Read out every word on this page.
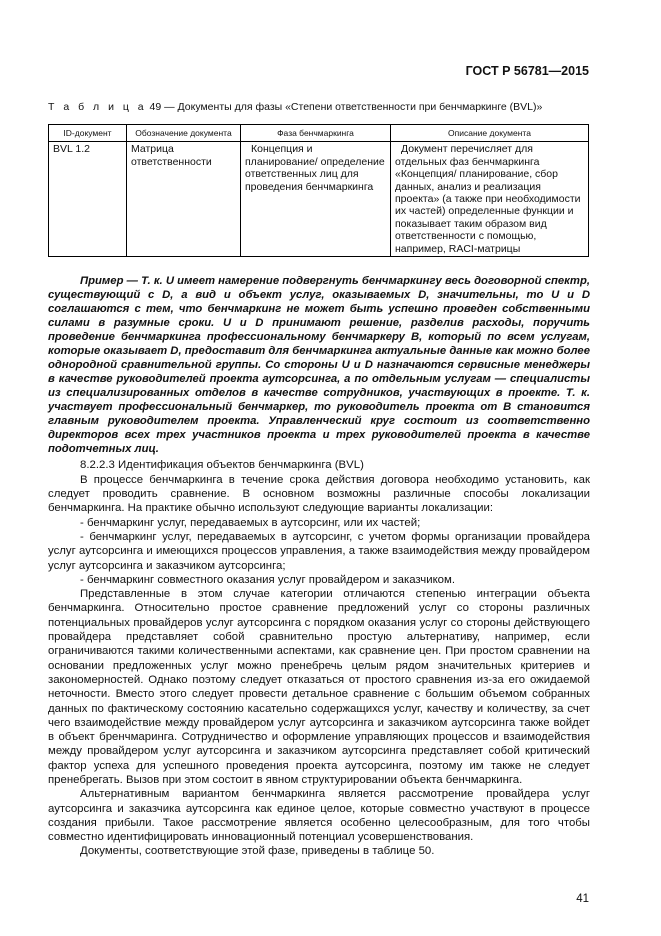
ГОСТ Р 56781—2015
Т а б л и ц а 49 — Документы для фазы «Степени ответственности при бенчмаркинге (BVL)»
ID-документ	Обозначение документа	Фаза бенчмаркинга	Описание документа
BVL 1.2	Матрица ответственности	Концепция и планирование/ определение ответственных лиц для проведения бенчмаркинга	Документ перечисляет для отдельных фаз бенчмаркинга «Концепция/ планирование, сбор данных, анализ и реализация проекта» (а также при необходимости их частей) определенные функции и показывает таким образом вид ответственности с помощью, например, RACI-матрицы

Пример — Т. к. U имеет намерение подвергнуть бенчмаркингу весь договорной спектр, существующий с D, а вид и объект услуг, оказываемых D, значительны, то U и D соглашаются с тем, что бенчмаркинг не может быть успешно проведен собственными силами в разумные сроки. U и D принимают решение, разделив расходы, поручить проведение бенчмаркинга профессиональному бенчмаркеру B, который по всем услугам, которые оказывает D, предоставит для бенчмаркинга актуальные данные как можно более однородной сравнительной группы. Со стороны U и D назначаются сервисные менеджеры в качестве руководителей проекта аутсорсинга, а по отдельным услугам — специалисты из специализированных отделов в качестве сотрудников, участвующих в проекте. Т. к. участвует профессиональный бенчмаркер, то руководитель проекта от B становится главным руководителем проекта. Управленческий круг состоит из соответственно директоров всех трех участников проекта и трех руководителей проекта в качестве подотчетных лиц.

8.2.2.3 Идентификация объектов бенчмаркинга (BVL)

В процессе бенчмаркинга в течение срока действия договора необходимо установить, как следует проводить сравнение. В основном возможны различные способы локализации бенчмаркинга. На практике обычно используют следующие варианты локализации:

- бенчмаркинг услуг, передаваемых в аутсорсинг, или их частей;

- бенчмаркинг услуг, передаваемых в аутсорсинг, с учетом формы организации провайдера услуг аутсорсинга и имеющихся процессов управления, а также взаимодействия между провайдером услуг аутсорсинга и заказчиком аутсорсинга;

- бенчмаркинг совместного оказания услуг провайдером и заказчиком.

Представленные в этом случае категории отличаются степенью интеграции объекта бенчмаркинга. Относительно простое сравнение предложений услуг со стороны различных потенциальных провайдеров услуг аутсорсинга с порядком оказания услуг со стороны действующего провайдера представляет собой сравнительно простую альтернативу, например, если ограничиваются такими количественными аспектами, как сравнение цен. При простом сравнении на основании предложенных услуг можно пренебречь целым рядом значительных критериев и закономерностей. Однако поэтому следует отказаться от простого сравнения из-за его ожидаемой неточности. Вместо этого следует провести детальное сравнение с большим объемом собранных данных по фактическому состоянию касательно содержащихся услуг, качеству и количеству, за счет чего взаимодействие между провайдером услуг аутсорсинга и заказчиком аутсорсинга также войдет в объект бренчмаринга. Сотрудничество и оформление управляющих процессов и взаимодействия между провайдером услуг аутсорсинга и заказчиком аутсорсинга представляет собой критический фактор успеха для успешного проведения проекта аутсорсинга, поэтому им также не следует пренебрегать. Вызов при этом состоит в явном структурировании объекта бенчмаркинга.

Альтернативным вариантом бенчмаркинга является рассмотрение провайдера услуг аутсорсинга и заказчика аутсорсинга как единое целое, которые совместно участвуют в процессе создания прибыли. Такое рассмотрение является особенно целесообразным, для того чтобы совместно идентифицировать инновационный потенциал усовершенствования.

Документы, соответствующие этой фазе, приведены в таблице 50.

41
